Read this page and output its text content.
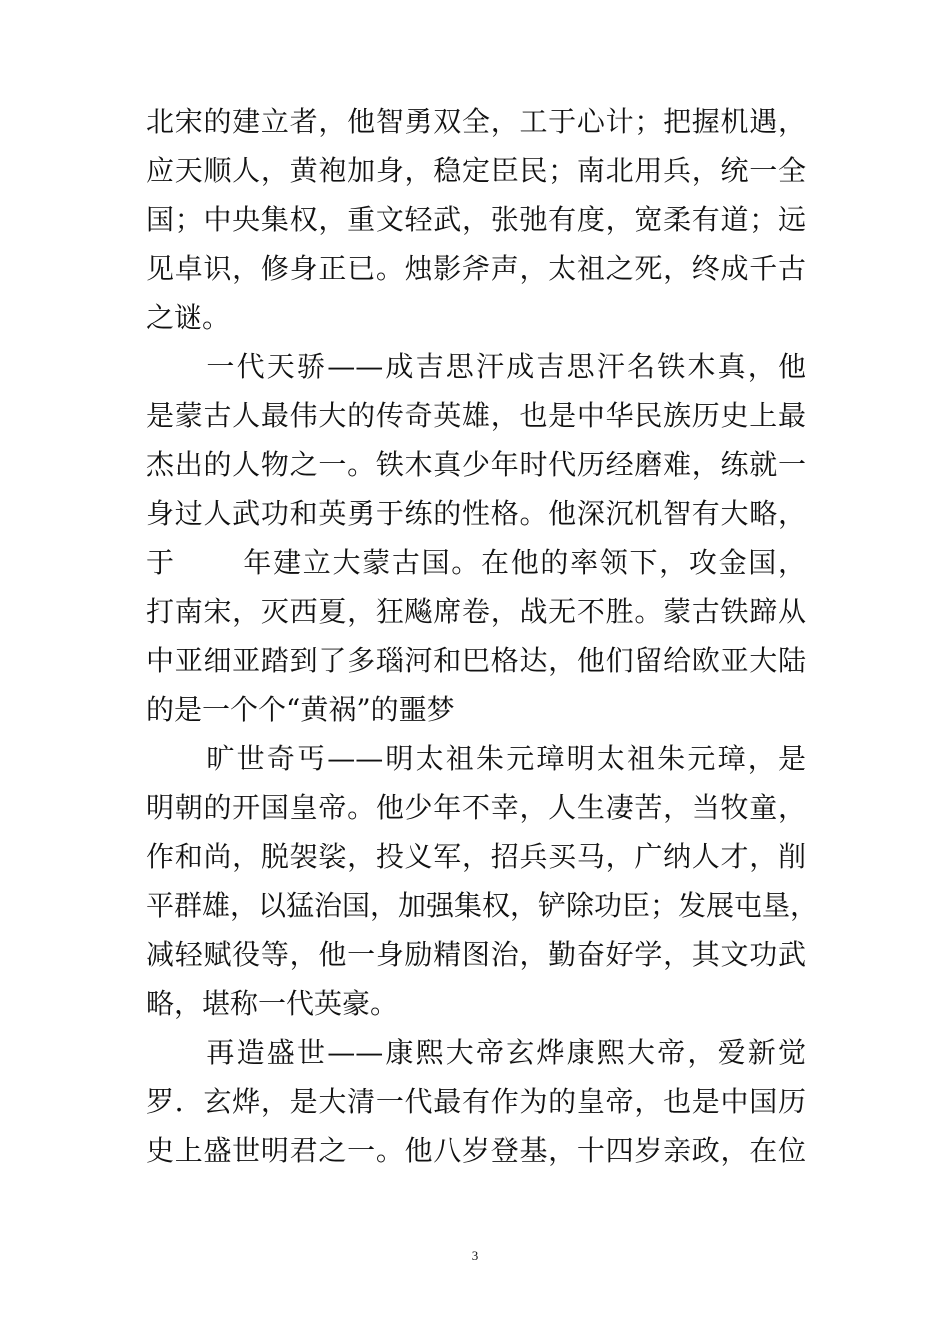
北宋的建立者，他智勇双全，工于心计；把握机遇，
应天顺人，黄袍加身，稳定臣民；南北用兵，统一全
国；中央集权，重文轻武，张弛有度，宽柔有道；远
见卓识，修身正已。烛影斧声，太祖之死，终成千古
之谜。
　　一代天骄——成吉思汗成吉思汗名铁木真，他
是蒙古人最伟大的传奇英雄，也是中华民族历史上最
杰出的人物之一。铁木真少年时代历经磨难，练就一
身过人武功和英勇于练的性格。他深沉机智有大略，
于 年建立大蒙古国。在他的率领下，攻金国，
打南宋，灭西夏，狂飚席卷，战无不胜。蒙古铁蹄从
中亚细亚踏到了多瑙河和巴格达，他们留给欧亚大陆
的是一个个“黄祸”的噩梦
　　旷世奇丐——明太祖朱元璋明太祖朱元璋，是
明朝的开国皇帝。他少年不幸，人生凄苦，当牧童，
作和尚，脱袈裟，投义军，招兵买马，广纳人才，削
平群雄，以猛治国，加强集权，铲除功臣；发展屯垦，
减轻赋役等，他一身励精图治，勤奋好学，其文功武
略，堪称一代英豪。
　　再造盛世——康熙大帝玄烨康熙大帝，爱新觉
罗．玄烨，是大清一代最有作为的皇帝，也是中国历
史上盛世明君之一。他八岁登基，十四岁亲政，在位
3
